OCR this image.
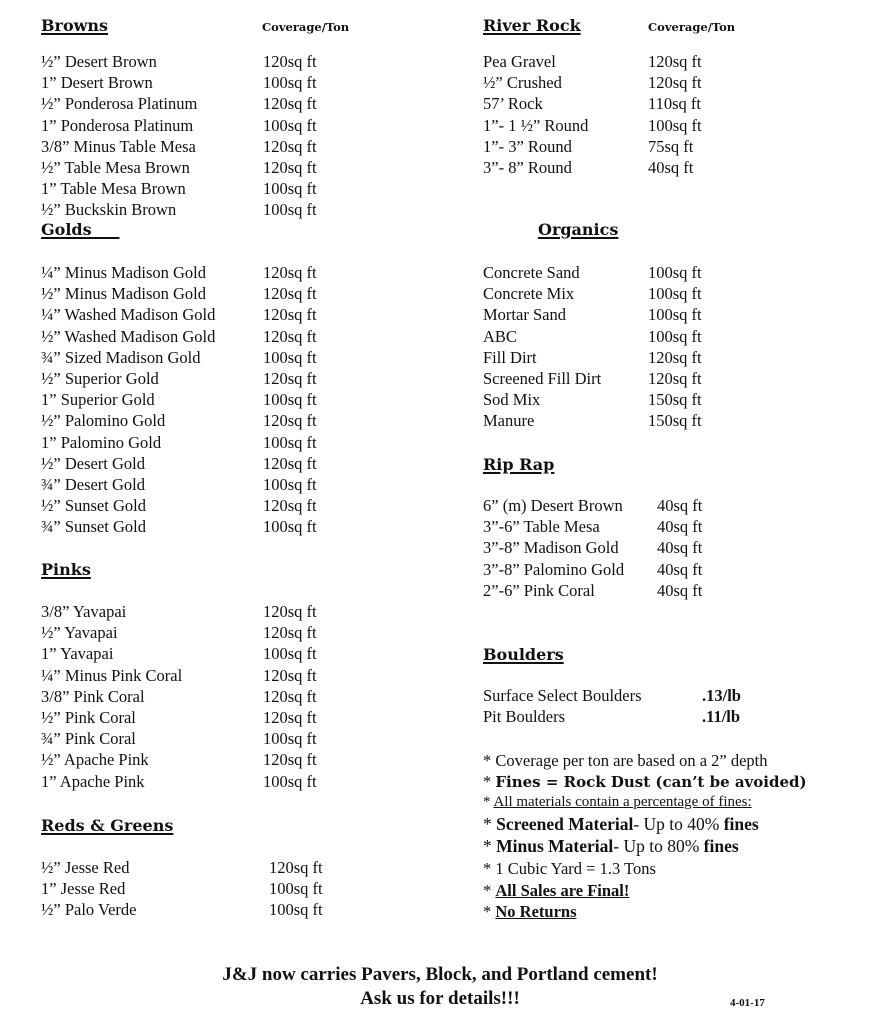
Browns	Coverage/Ton
½” Desert Brown	120sq ft
1” Desert Brown	100sq ft
½” Ponderosa Platinum	120sq ft
1” Ponderosa Platinum	100sq ft
3/8” Minus Table Mesa	120sq ft
½” Table Mesa Brown	120sq ft
1” Table Mesa Brown	100sq ft
½” Buckskin Brown	100sq ft
Golds
¼” Minus Madison Gold	120sq ft
½” Minus Madison Gold	120sq ft
¼” Washed Madison Gold	120sq ft
½” Washed Madison Gold	120sq ft
¾” Sized Madison Gold	100sq ft
½” Superior Gold	120sq ft
1” Superior Gold	100sq ft
½” Palomino Gold	120sq ft
1” Palomino Gold	100sq ft
½” Desert Gold	120sq ft
¾” Desert Gold	100sq ft
½” Sunset Gold	120sq ft
¾” Sunset Gold	100sq ft
Pinks
3/8” Yavapai	120sq ft
½” Yavapai	120sq ft
1” Yavapai	100sq ft
¼” Minus Pink Coral	120sq ft
3/8” Pink Coral	120sq ft
½” Pink Coral	120sq ft
¾” Pink Coral	100sq ft
½” Apache Pink	120sq ft
1” Apache Pink	100sq ft
Reds & Greens
½” Jesse Red	120sq ft
1” Jesse Red	100sq ft
½” Palo Verde	100sq ft
River Rock	Coverage/Ton
Pea Gravel	120sq ft
½” Crushed	120sq ft
57’ Rock	110sq ft
1”- 1 ½” Round	100sq ft
1”- 3” Round	75sq ft
3”- 8” Round	40sq ft
Organics
Concrete Sand	100sq ft
Concrete Mix	100sq ft
Mortar Sand	100sq ft
ABC	100sq ft
Fill Dirt	120sq ft
Screened Fill Dirt	120sq ft
Sod Mix	150sq ft
Manure	150sq ft
Rip Rap
6” (m) Desert Brown 40sq ft
3”-6” Table Mesa	40sq ft
3”-8” Madison Gold 40sq ft
3”-8” Palomino Gold 40sq ft
2”-6” Pink Coral	40sq ft
Boulders
Surface Select Boulders	.13/lb
Pit Boulders	.11/lb
* Coverage per ton are based on a 2” depth
* Fines = Rock Dust (can’t be avoided)
* All materials contain a percentage of fines:
* Screened Material- Up to 40% fines
* Minus Material- Up to 80% fines
* 1 Cubic Yard = 1.3 Tons
* All Sales are Final!
* No Returns
J&J now carries Pavers, Block, and Portland cement!
Ask us for details!!!	4-01-17
